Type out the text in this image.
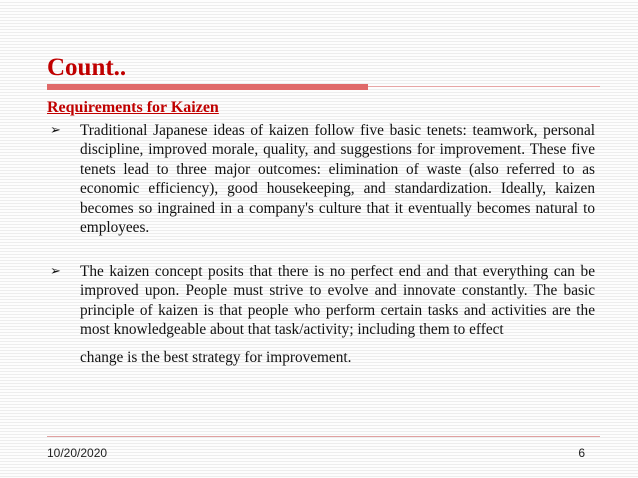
Count..
Requirements for Kaizen
➢ Traditional Japanese ideas of kaizen follow five basic tenets: teamwork, personal discipline, improved morale, quality, and suggestions for improvement. These five tenets lead to three major outcomes: elimination of waste (also referred to as economic efficiency), good housekeeping, and standardization. Ideally, kaizen becomes so ingrained in a company's culture that it eventually becomes natural to employees.

➢ The kaizen concept posits that there is no perfect end and that everything can be improved upon. People must strive to evolve and innovate constantly. The basic principle of kaizen is that people who perform certain tasks and activities are the most knowledgeable about that task/activity; including them to effect
change is the best strategy for improvement.

10/20/2020	6
